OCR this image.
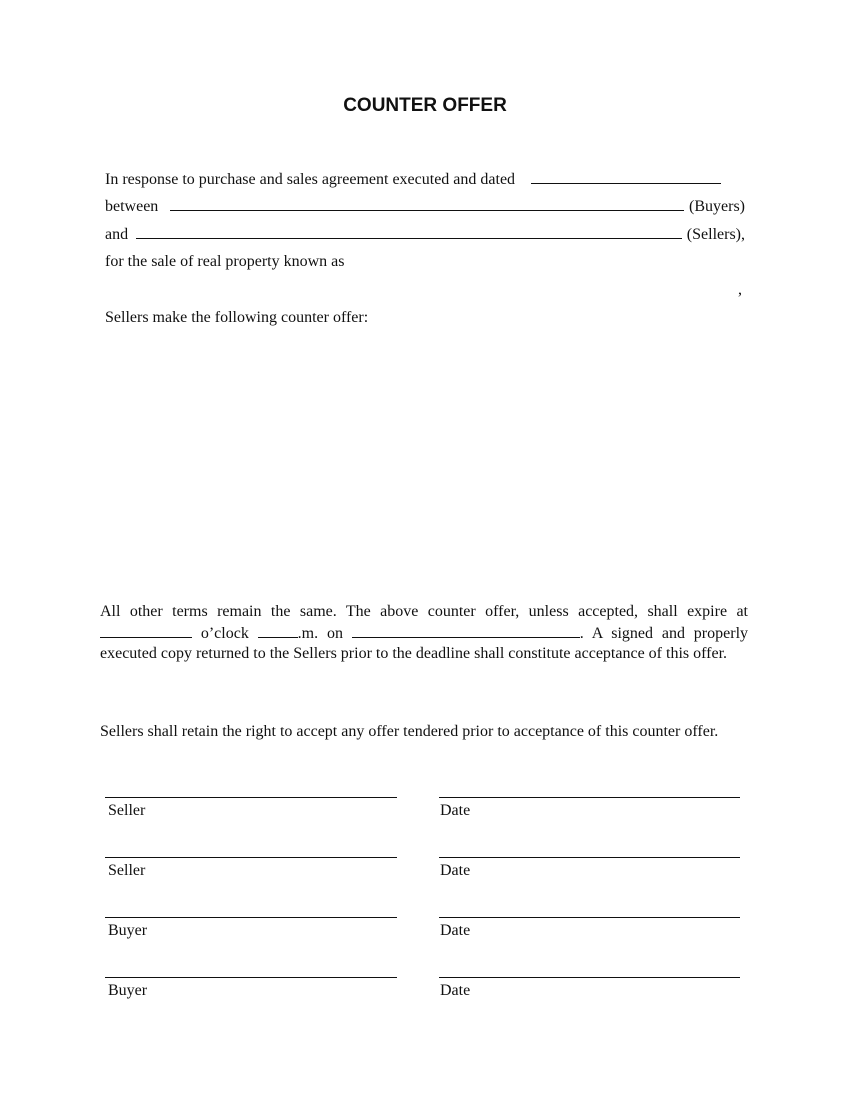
COUNTER OFFER
In response to purchase and sales agreement executed and dated
between	(Buyers)
and	(Sellers),
for the sale of real property known as
,
Sellers make the following counter offer:
All other terms remain the same. The above counter offer, unless accepted, shall expire at
o’clock	.m. on	. A signed and properly
executed copy returned to the Sellers prior to the deadline shall constitute acceptance of this offer.
Sellers shall retain the right to accept any offer tendered prior to acceptance of this counter offer.
Seller	Date
Seller	Date
Buyer	Date
Buyer	Date
